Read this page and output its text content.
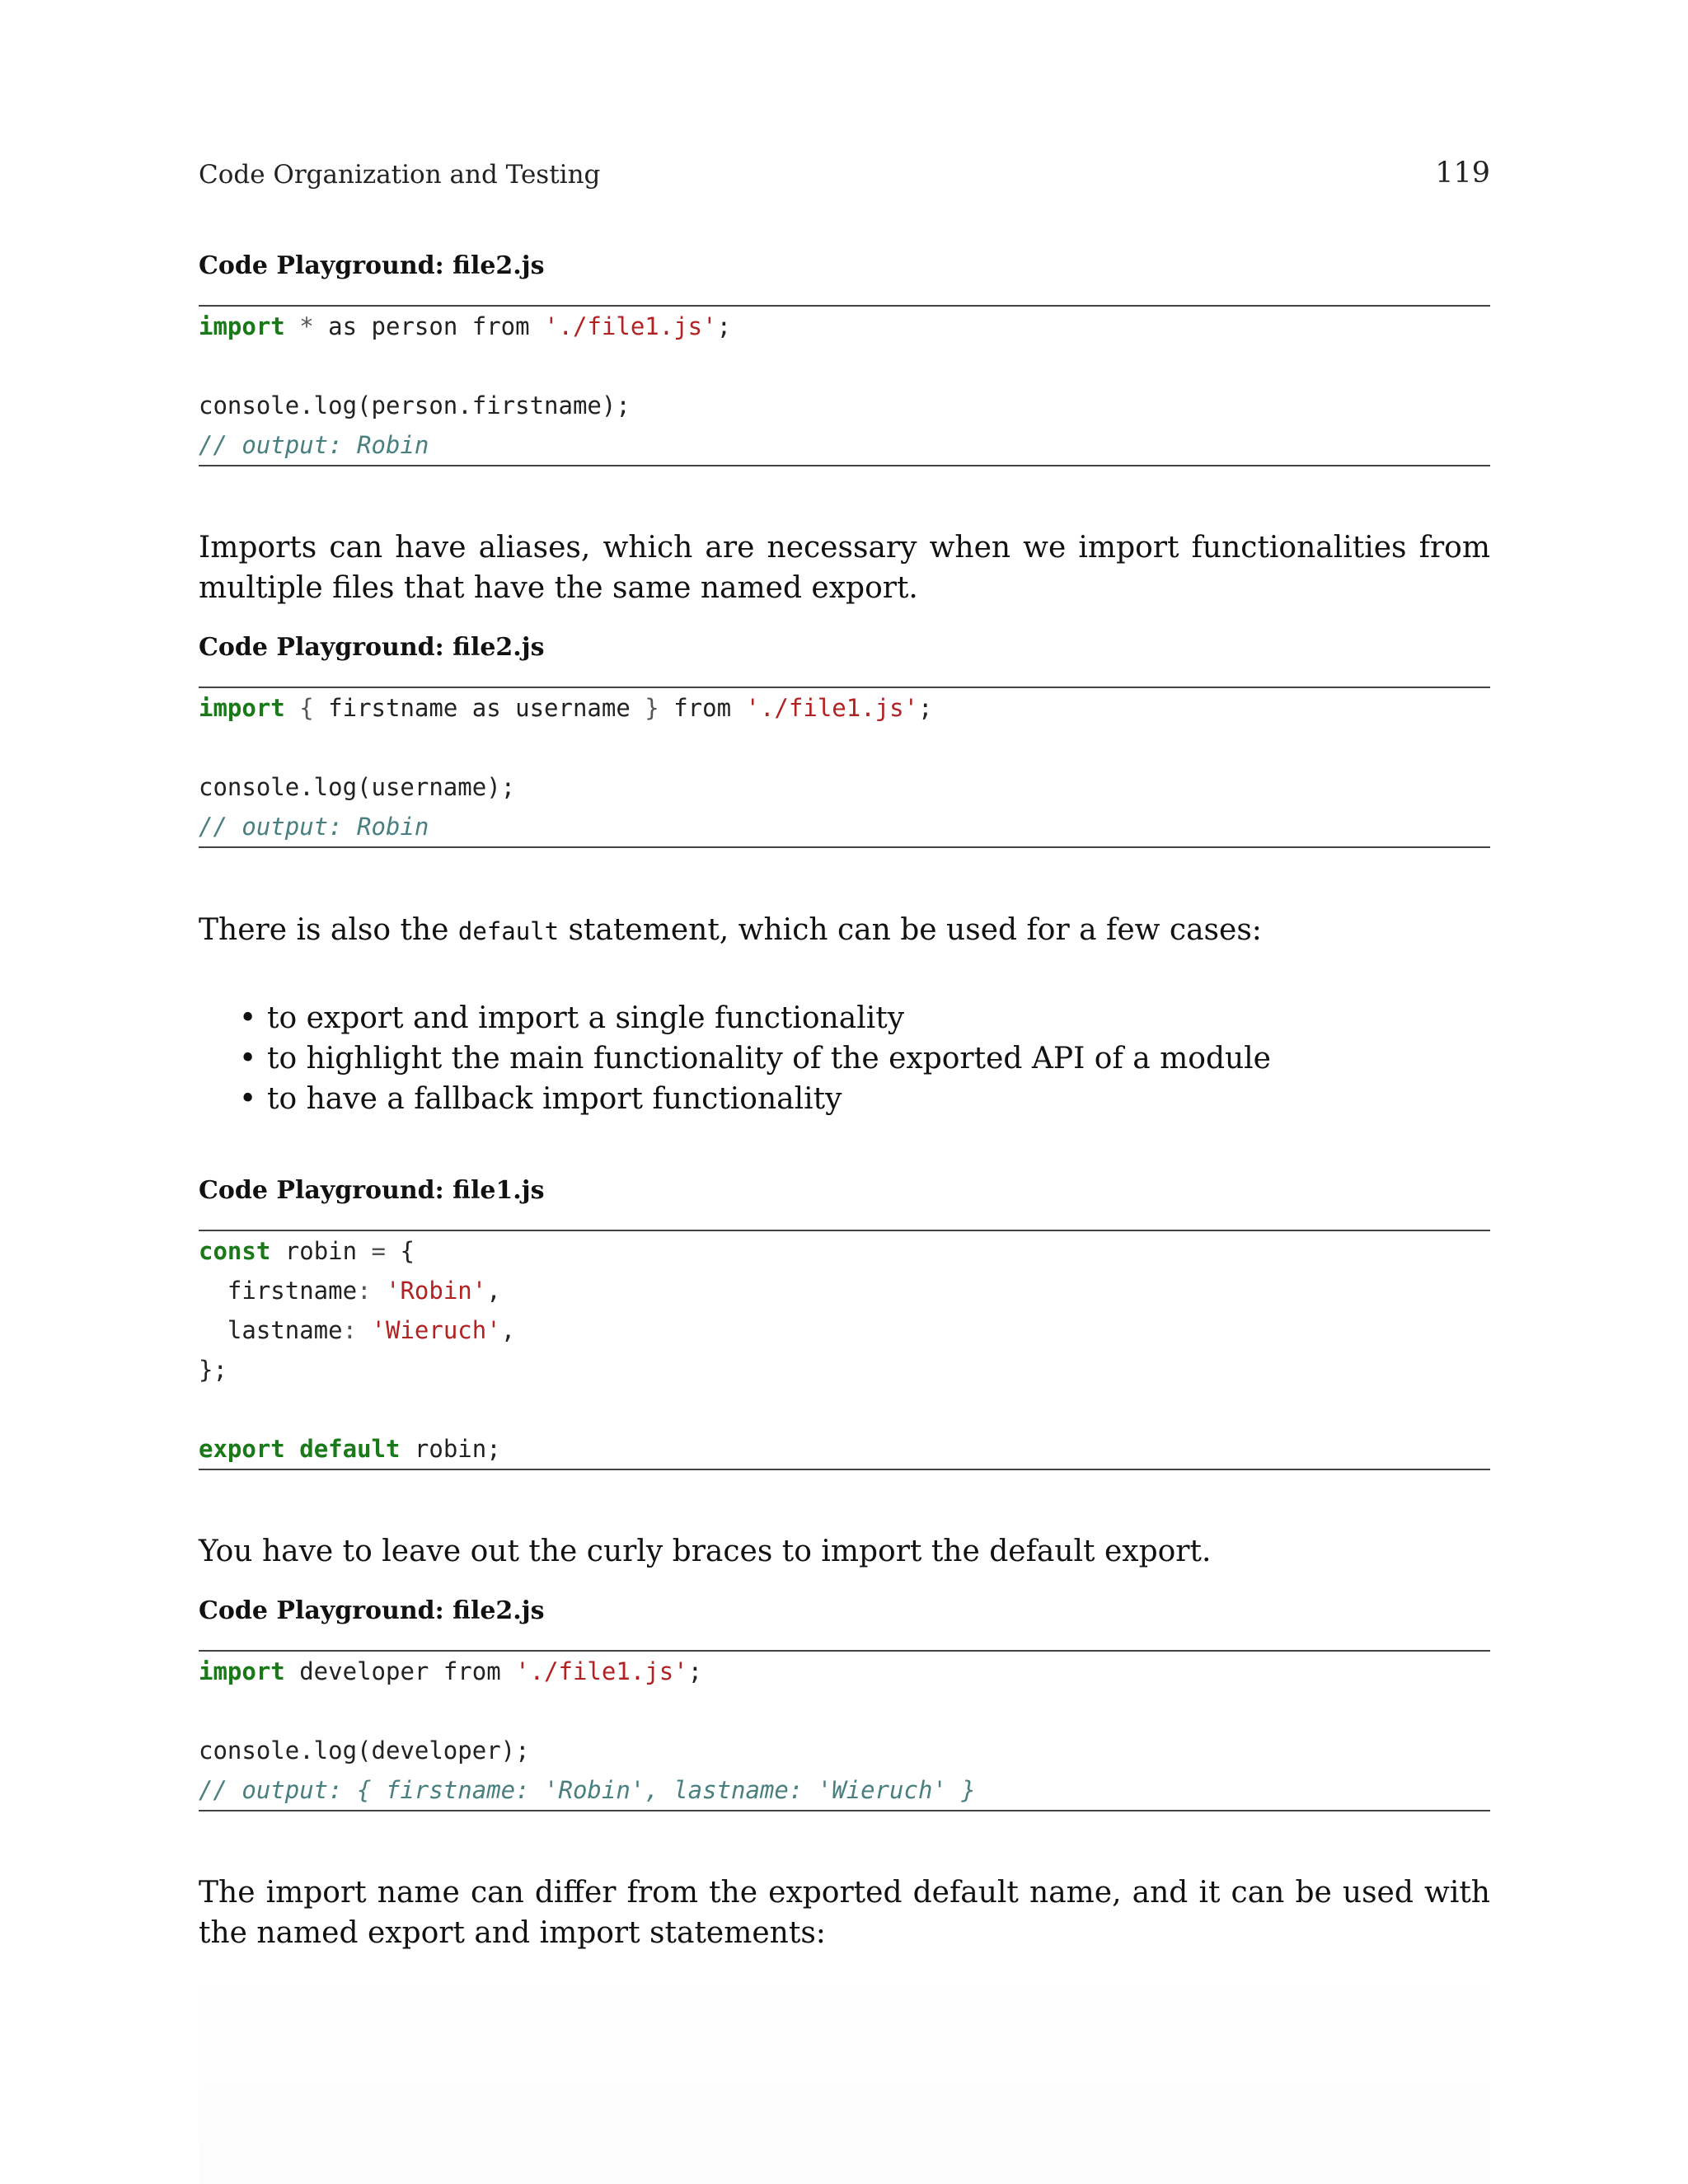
Code Organization and Testing	119
Code Playground: file2.js
import * as person from './file1.js';
console.log(person.firstname);
// output: Robin
Imports can have aliases, which are necessary when we import functionalities from multiple files that have the same named export.
Code Playground: file2.js
import { firstname as username } from './file1.js';
console.log(username);
// output: Robin
There is also the default statement, which can be used for a few cases:
• to export and import a single functionality
• to highlight the main functionality of the exported API of a module
• to have a fallback import functionality
Code Playground: file1.js
const robin = {
firstname: 'Robin',
lastname: 'Wieruch',
};
export default robin;
You have to leave out the curly braces to import the default export.
Code Playground: file2.js
import developer from './file1.js';
console.log(developer);
// output: { firstname: 'Robin', lastname: 'Wieruch' }
The import name can differ from the exported default name, and it can be used with the named export and import statements:
